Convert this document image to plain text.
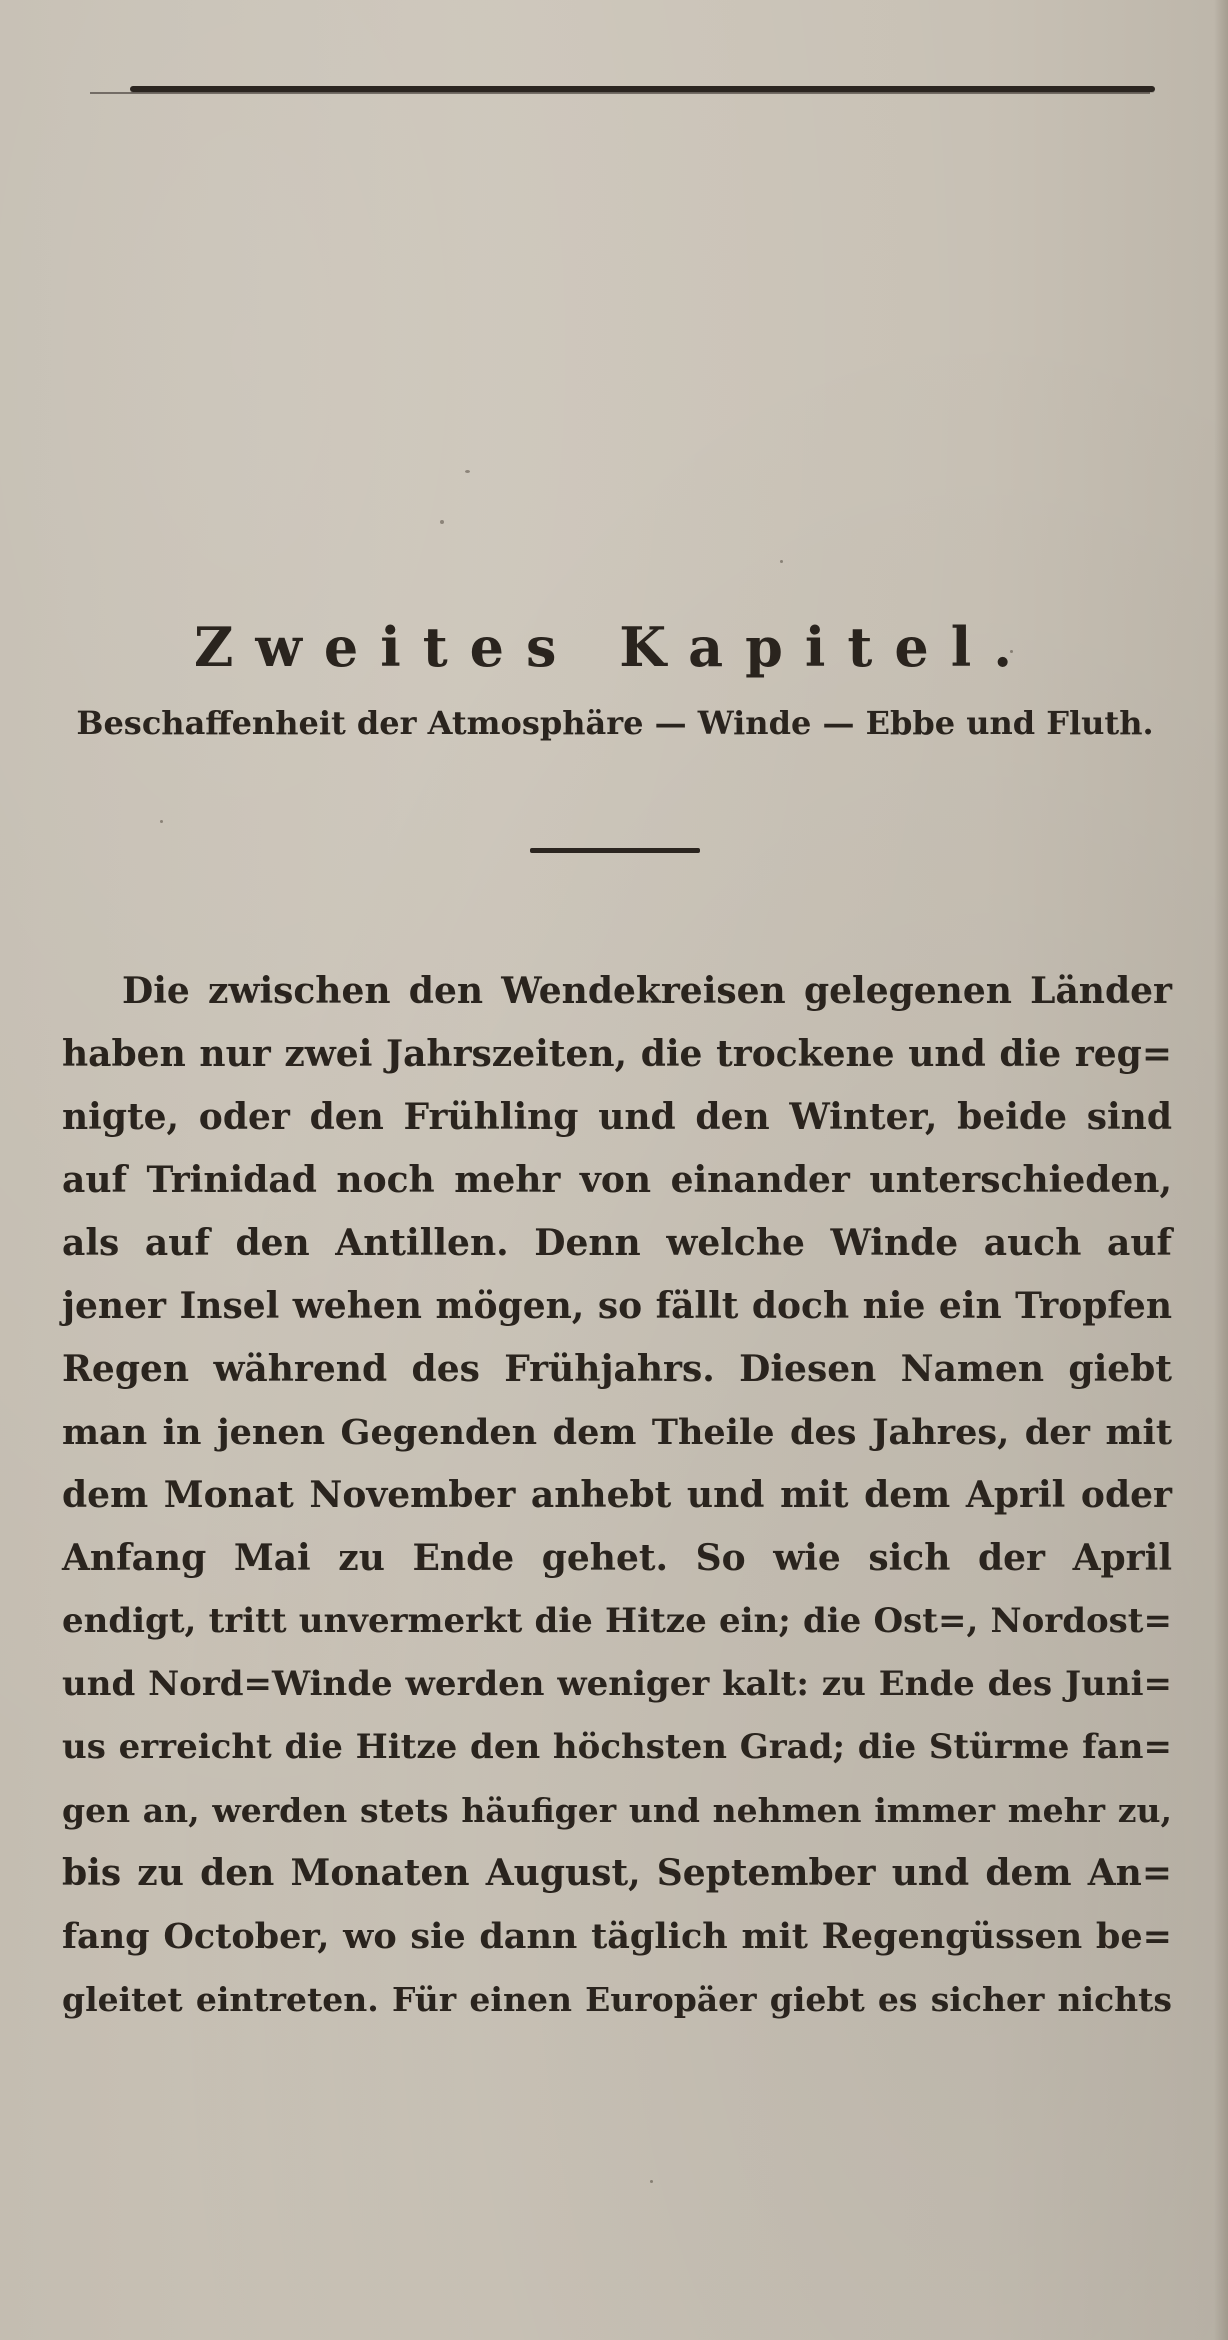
Zweites Kapitel.
Beschaffenheit der Atmosphäre — Winde — Ebbe und Fluth.
Die zwischen den Wendekreisen gelegenen Länder
haben nur zwei Jahrszeiten, die trockene und die reg=
nigte, oder den Frühling und den Winter, beide sind
auf Trinidad noch mehr von einander unterschieden,
als auf den Antillen. Denn welche Winde auch auf
jener Insel wehen mögen, so fällt doch nie ein Tropfen
Regen während des Frühjahrs. Diesen Namen giebt
man in jenen Gegenden dem Theile des Jahres, der mit
dem Monat November anhebt und mit dem April oder
Anfang Mai zu Ende gehet. So wie sich der April
endigt, tritt unvermerkt die Hitze ein; die Ost=, Nordost=
und Nord=Winde werden weniger kalt: zu Ende des Juni=
us erreicht die Hitze den höchsten Grad; die Stürme fan=
gen an, werden stets häufiger und nehmen immer mehr zu,
bis zu den Monaten August, September und dem An=
fang October, wo sie dann täglich mit Regengüssen be=
gleitet eintreten. Für einen Europäer giebt es sicher nichts
